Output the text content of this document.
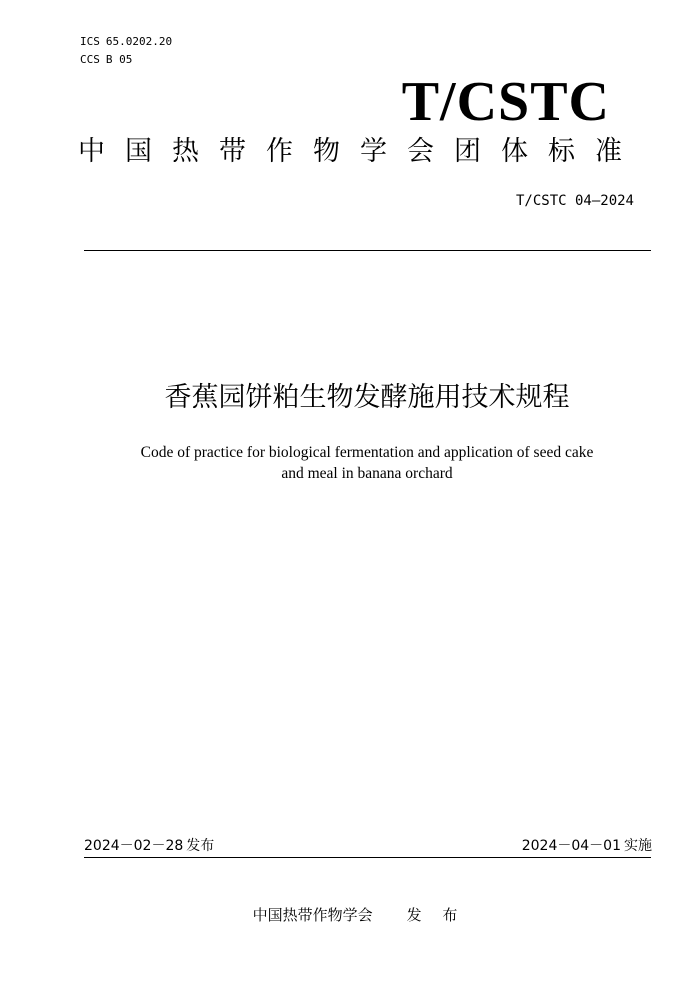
ICS 65.0202.20
CCS B 05
T/CSTC
中国热带作物学会团体标准
T/CSTC 04—2024
香蕉园饼粕生物发酵施用技术规程
Code of practice for biological fermentation and application of seed cake
and meal in banana orchard
2024－02－28 发布	2024－04－01 实施
中国热带作物学会 发 布
